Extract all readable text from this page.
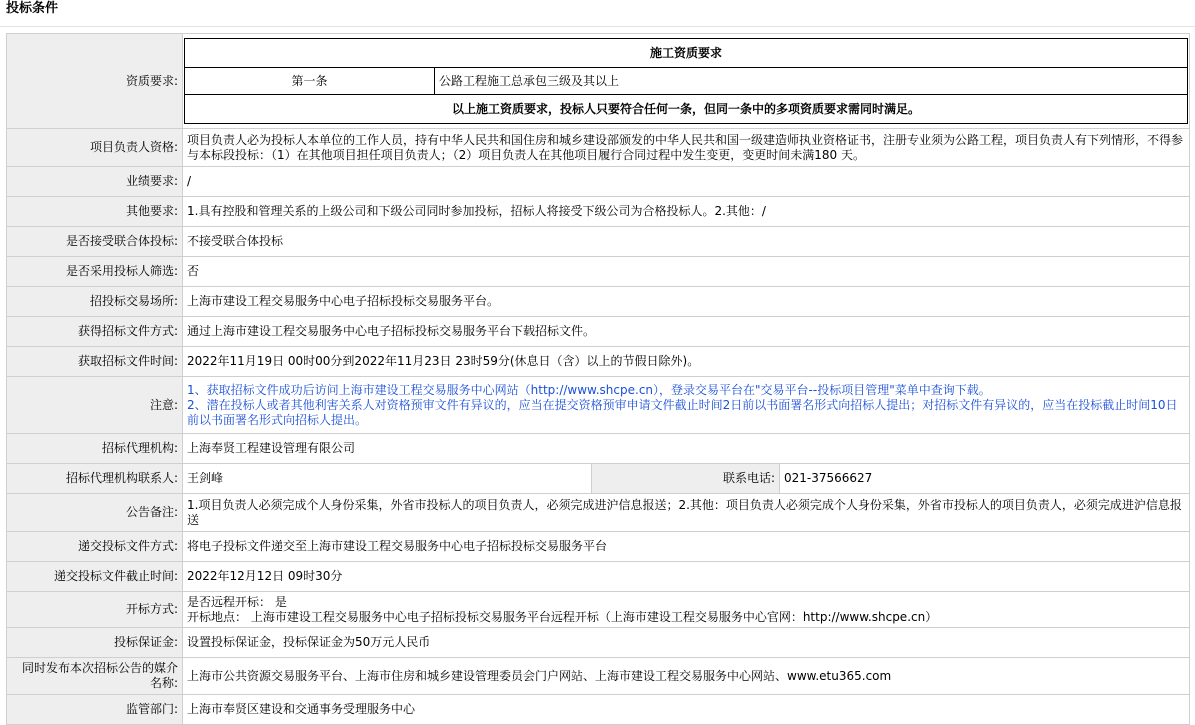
投标条件
资质要求:	
施工资质要求
第一条	公路工程施工总承包三级及其以上
以上施工资质要求，投标人只要符合任何一条，但同一条中的多项资质要求需同时满足。

项目负责人资格:	项目负责人必为投标人本单位的工作人员，持有中华人民共和国住房和城乡建设部颁发的中华人民共和国一级建造师执业资格证书，注册专业须为公路工程，项目负责人有下列情形，不得参与本标段投标：（1）在其他项目担任项目负责人；（2）项目负责人在其他项目履行合同过程中发生变更，变更时间未满180 天。
业绩要求:	/
其他要求:	1.具有控股和管理关系的上级公司和下级公司同时参加投标，招标人将接受下级公司为合格投标人。2.其他：/
是否接受联合体投标:	不接受联合体投标
是否采用投标人筛选:	否
招投标交易场所:	上海市建设工程交易服务中心电子招标投标交易服务平台。
获得招标文件方式:	通过上海市建设工程交易服务中心电子招标投标交易服务平台下载招标文件。
获取招标文件时间:	2022年11月19日 00时00分到2022年11月23日 23时59分(休息日（含）以上的节假日除外)。
注意:	
1、获取招标文件成功后访问上海市建设工程交易服务中心网站（http://www.shcpe.cn），登录交易平台在"交易平台--投标项目管理"菜单中查询下载。
2、潜在投标人或者其他利害关系人对资格预审文件有异议的，应当在提交资格预审申请文件截止时间2日前以书面署名形式向招标人提出；对招标文件有异议的，应当在投标截止时间10日前以书面署名形式向招标人提出。

招标代理机构:	上海奉贤工程建设管理有限公司
招标代理机构联系人:	王剑峰	联系电话:	021-37566627
公告备注:	1.项目负责人必须完成个人身份采集，外省市投标人的项目负责人，必须完成进沪信息报送；2.其他：项目负责人必须完成个人身份采集，外省市投标人的项目负责人，必须完成进沪信息报送
递交投标文件方式:	将电子投标文件递交至上海市建设工程交易服务中心电子招标投标交易服务平台
递交投标文件截止时间:	2022年12月12日 09时30分
开标方式:	
是否远程开标： 是
开标地点： 上海市建设工程交易服务中心电子招标投标交易服务平台远程开标（上海市建设工程交易服务中心官网：http://www.shcpe.cn）

投标保证金:	设置投标保证金，投标保证金为50万元人民币
同时发布本次招标公告的媒介名称:	上海市公共资源交易服务平台、上海市住房和城乡建设管理委员会门户网站、上海市建设工程交易服务中心网站、www.etu365.com
监管部门:	上海市奉贤区建设和交通事务受理服务中心
